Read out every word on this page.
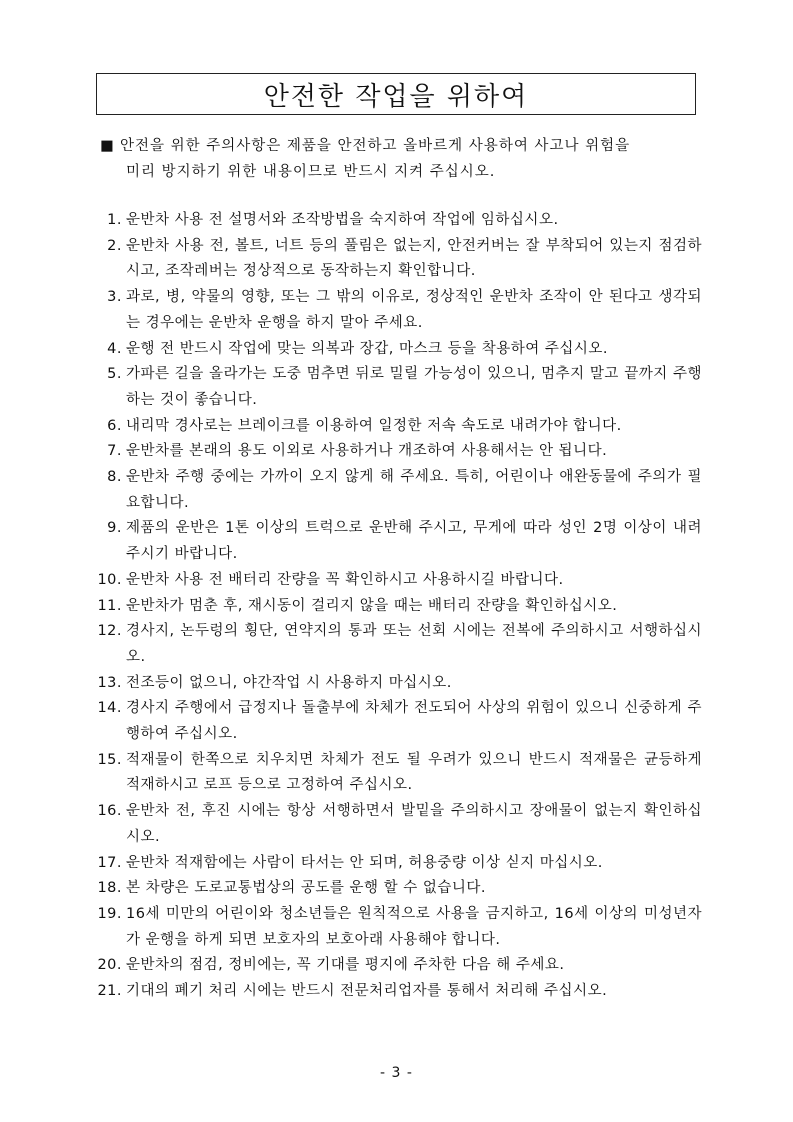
안전한 작업을 위하여
■ 안전을 위한 주의사항은 제품을 안전하고 올바르게 사용하여 사고나 위험을
미리 방지하기 위한 내용이므로 반드시 지켜 주십시오.
1. 운반차 사용 전 설명서와 조작방법을 숙지하여 작업에 임하십시오.
2. 운반차 사용 전, 볼트, 너트 등의 풀림은 없는지, 안전커버는 잘 부착되어 있는지 점검하시고, 조작레버는 정상적으로 동작하는지 확인합니다.
3. 과로, 병, 약물의 영향, 또는 그 밖의 이유로, 정상적인 운반차 조작이 안 된다고 생각되는 경우에는 운반차 운행을 하지 말아 주세요.
4. 운행 전 반드시 작업에 맞는 의복과 장갑, 마스크 등을 착용하여 주십시오.
5. 가파른 길을 올라가는 도중 멈추면 뒤로 밀릴 가능성이 있으니, 멈추지 말고 끝까지 주행하는 것이 좋습니다.
6. 내리막 경사로는 브레이크를 이용하여 일정한 저속 속도로 내려가야 합니다.
7. 운반차를 본래의 용도 이외로 사용하거나 개조하여 사용해서는 안 됩니다.
8. 운반차 주행 중에는 가까이 오지 않게 해 주세요. 특히, 어린이나 애완동물에 주의가 필요합니다.
9. 제품의 운반은 1톤 이상의 트럭으로 운반해 주시고, 무게에 따라 성인 2명 이상이 내려주시기 바랍니다.
10. 운반차 사용 전 배터리 잔량을 꼭 확인하시고 사용하시길 바랍니다.
11. 운반차가 멈춘 후, 재시동이 걸리지 않을 때는 배터리 잔량을 확인하십시오.
12. 경사지, 논두렁의 횡단, 연약지의 통과 또는 선회 시에는 전복에 주의하시고 서행하십시오.
13. 전조등이 없으니, 야간작업 시 사용하지 마십시오.
14. 경사지 주행에서 급정지나 돌출부에 차체가 전도되어 사상의 위험이 있으니 신중하게 주행하여 주십시오.
15. 적재물이 한쪽으로 치우치면 차체가 전도 될 우려가 있으니 반드시 적재물은 균등하게 적재하시고 로프 등으로 고정하여 주십시오.
16. 운반차 전, 후진 시에는 항상 서행하면서 발밑을 주의하시고 장애물이 없는지 확인하십시오.
17. 운반차 적재함에는 사람이 타서는 안 되며, 허용중량 이상 싣지 마십시오.
18. 본 차량은 도로교통법상의 공도를 운행 할 수 없습니다.
19. 16세 미만의 어린이와 청소년들은 원칙적으로 사용을 금지하고, 16세 이상의 미성년자가 운행을 하게 되면 보호자의 보호아래 사용해야 합니다.
20. 운반차의 점검, 정비에는, 꼭 기대를 평지에 주차한 다음 해 주세요.
21. 기대의 폐기 처리 시에는 반드시 전문처리업자를 통해서 처리해 주십시오.
- 3 -
